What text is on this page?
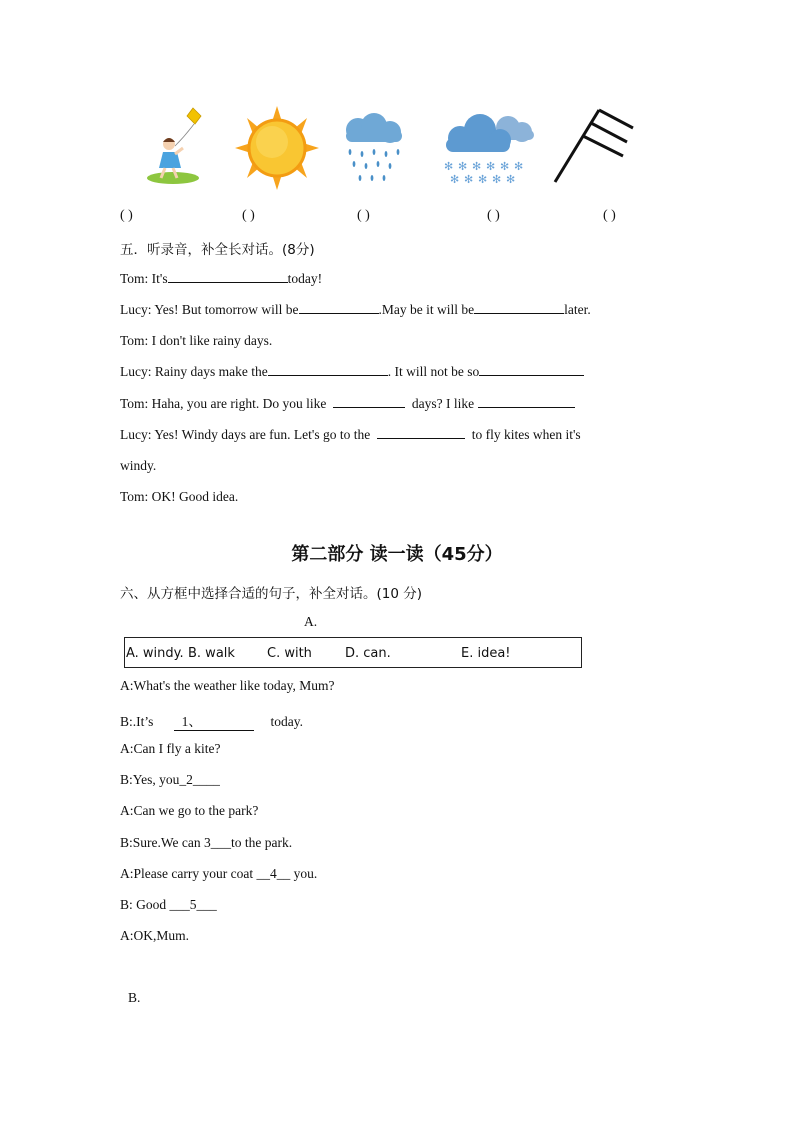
✻ ✻ ✻ ✻ ✻ ✻
✻ ✻ ✻ ✻ ✻
( )	( )	( )	( )	( )
五．听录音，补全长对话。(8分)
Tom: It's	today!
Lucy: Yes! But tomorrow will be	.May be it will be	later.
Tom: I don't like rainy days.
Lucy: Rainy days make the	. It will not be so
Tom: Haha, you are right. Do you like	days? I like
Lucy: Yes! Windy days are fun. Let's go to the	to fly kites when it's
windy.
Tom: OK! Good idea.
第二部分 读一读（45分）
六、从方框中选择合适的句子，补全对话。(10 分)
A.
A. windy. B. walk C. with	D. can.	E. idea!
A:What's the weather like today, Mum?
B:.It’s 1、	today.
A:Can I fly a kite?
B:Yes, you_2____
A:Can we go to the park?
B:Sure.We can 3___to the park.
A:Please carry your coat __4__ you.
B: Good ___5___
A:OK,Mum.
B.
